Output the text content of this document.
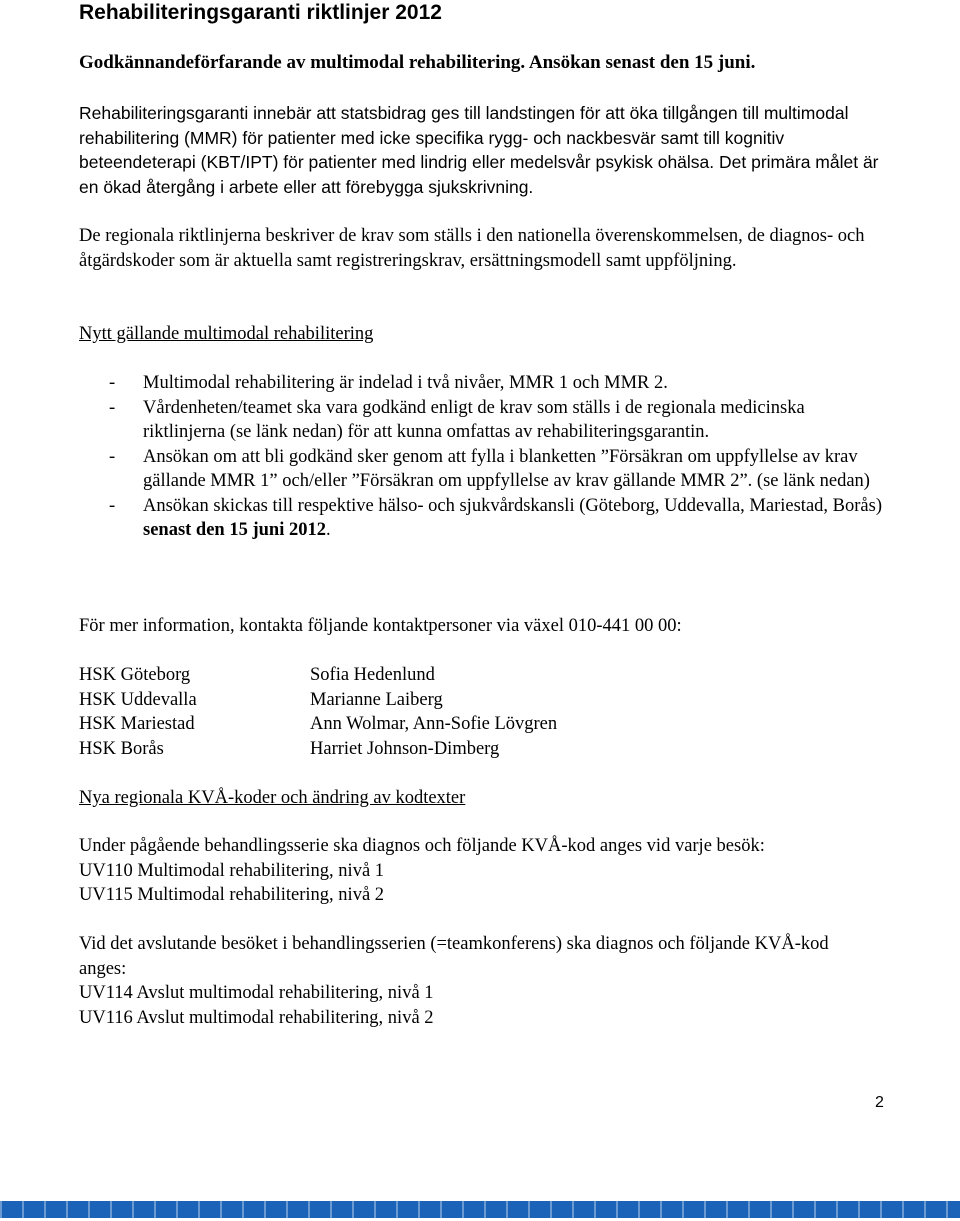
Rehabiliteringsgaranti riktlinjer 2012

Godkännandeförfarande av multimodal rehabilitering. Ansökan senast den 15 juni.

Rehabiliteringsgaranti innebär att statsbidrag ges till landstingen för att öka tillgången till multimodal rehabilitering (MMR) för patienter med icke specifika rygg- och nackbesvär samt till kognitiv beteendeterapi (KBT/IPT) för patienter med lindrig eller medelsvår psykisk ohälsa. Det primära målet är en ökad återgång i arbete eller att förebygga sjukskrivning.

De regionala riktlinjerna beskriver de krav som ställs i den nationella överenskommelsen, de diagnos- och åtgärdskoder som är aktuella samt registreringskrav, ersättningsmodell samt uppföljning.

Nytt gällande multimodal rehabilitering

- Multimodal rehabilitering är indelad i två nivåer, MMR 1 och MMR 2.
- Vårdenheten/teamet ska vara godkänd enligt de krav som ställs i de regionala medicinska riktlinjerna (se länk nedan) för att kunna omfattas av rehabiliteringsgarantin.
- Ansökan om att bli godkänd sker genom att fylla i blanketten ”Försäkran om uppfyllelse av krav gällande MMR 1” och/eller ”Försäkran om uppfyllelse av krav gällande MMR 2”. (se länk nedan)
- Ansökan skickas till respektive hälso- och sjukvårdskansli (Göteborg, Uddevalla, Mariestad, Borås) senast den 15 juni 2012.

För mer information, kontakta följande kontaktpersoner via växel 010-441 00 00:

HSK Göteborg	Sofia Hedenlund
HSK Uddevalla	Marianne Laiberg
HSK Mariestad	Ann Wolmar, Ann-Sofie Lövgren
HSK Borås	Harriet Johnson-Dimberg

Nya regionala KVÅ-koder och ändring av kodtexter

Under pågående behandlingsserie ska diagnos och följande KVÅ-kod anges vid varje besök:
UV110 Multimodal rehabilitering, nivå 1
UV115 Multimodal rehabilitering, nivå 2

Vid det avslutande besöket i behandlingsserien (=teamkonferens) ska diagnos och följande KVÅ-kod anges:

UV114 Avslut multimodal rehabilitering, nivå 1
UV116 Avslut multimodal rehabilitering, nivå 2
2
